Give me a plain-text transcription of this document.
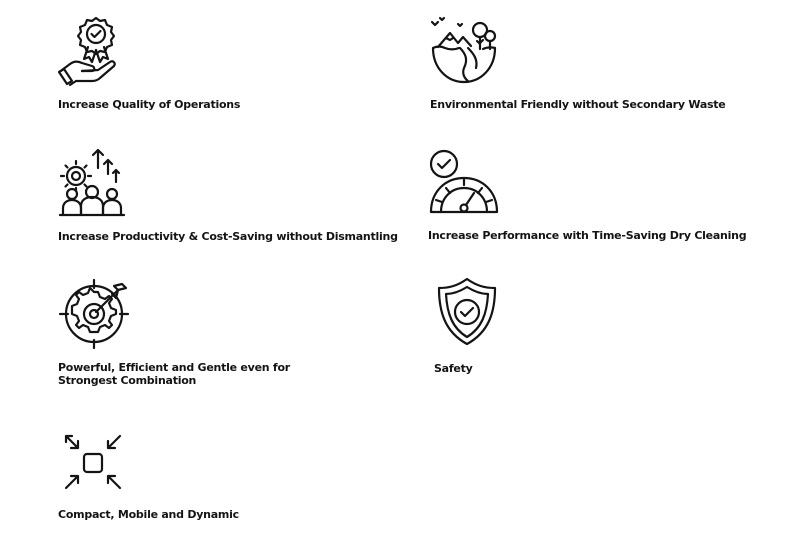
Increase Quality of Operations	Environmental Friendly without Secondary Waste
Increase Productivity & Cost-Saving without Dismantling	Increase Performance with Time-Saving Dry Cleaning
Powerful, Efficient and Gentle even for
Strongest Combination
Safety
Compact, Mobile and Dynamic
